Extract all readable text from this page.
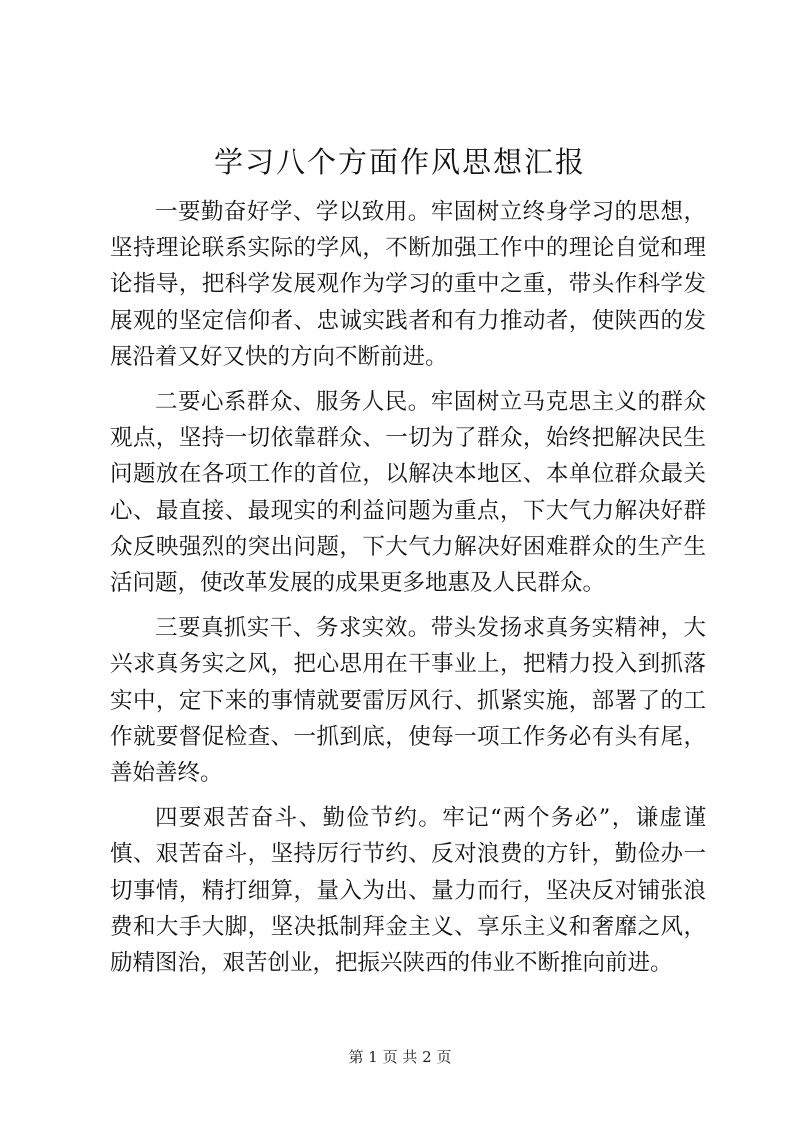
学习八个方面作风思想汇报

一要勤奋好学、学以致用。牢固树立终身学习的思想，坚持理论联系实际的学风，不断加强工作中的理论自觉和理论指导，把科学发展观作为学习的重中之重，带头作科学发展观的坚定信仰者、忠诚实践者和有力推动者，使陕西的发展沿着又好又快的方向不断前进。

二要心系群众、服务人民。牢固树立马克思主义的群众观点，坚持一切依靠群众、一切为了群众，始终把解决民生问题放在各项工作的首位，以解决本地区、本单位群众最关心、最直接、最现实的利益问题为重点，下大气力解决好群众反映强烈的突出问题，下大气力解决好困难群众的生产生活问题，使改革发展的成果更多地惠及人民群众。

三要真抓实干、务求实效。带头发扬求真务实精神，大兴求真务实之风，把心思用在干事业上，把精力投入到抓落实中，定下来的事情就要雷厉风行、抓紧实施，部署了的工作就要督促检查、一抓到底，使每一项工作务必有头有尾，善始善终。

四要艰苦奋斗、勤俭节约。牢记“两个务必”，谦虚谨慎、艰苦奋斗，坚持厉行节约、反对浪费的方针，勤俭办一切事情，精打细算，量入为出、量力而行，坚决反对铺张浪费和大手大脚，坚决抵制拜金主义、享乐主义和奢靡之风，励精图治，艰苦创业，把振兴陕西的伟业不断推向前进。

第 1 页 共 2 页
